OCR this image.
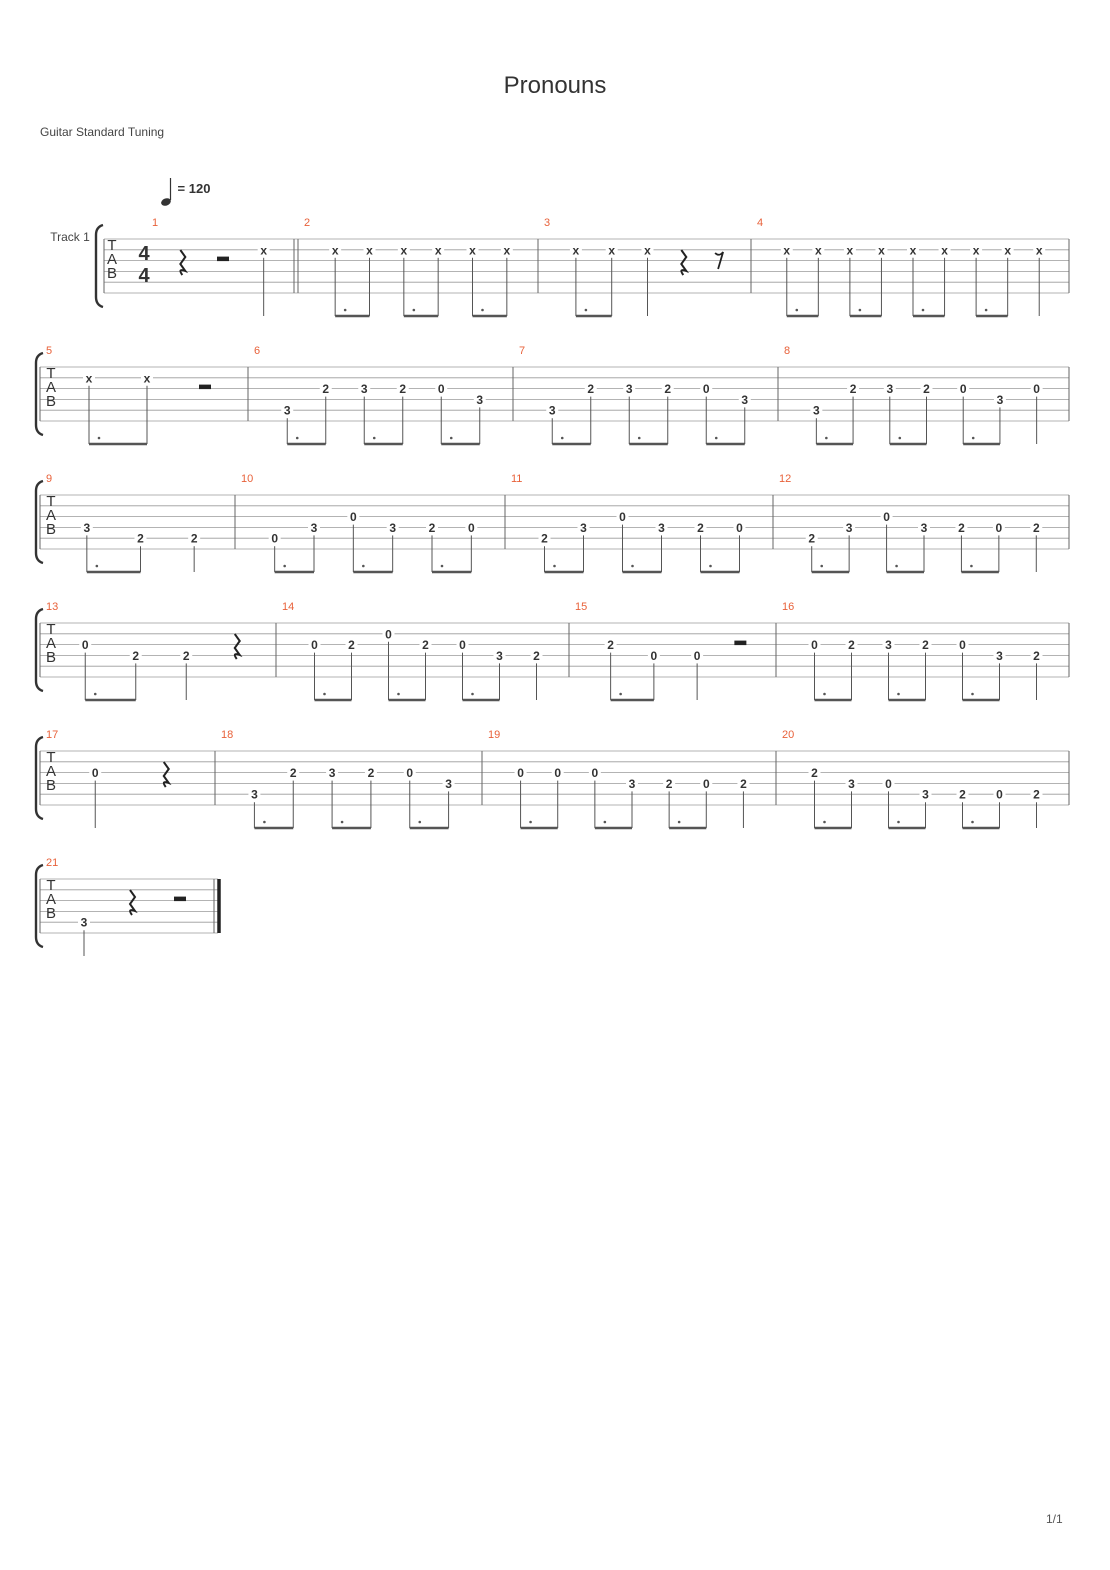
Pronouns
Guitar Standard Tuning
1/1
= 120
Track 1 T
A
B
4
4
1
x
2
x x x x x x
3
x x x
4
x x x x x x x x x
T
A
B
5
x	x
6
3
2	3	2	0
3
7
3
2	3	2	0
3
8
3
2	3	2	0
3
0
T
A
B
9
3
2	2
10
0
3
0
3	2	0
11
2
3
0
3	2	0
12
2
3
0
3	2	0	2
T
A
B
13
0
2	2
14
0	2
0
2	0
3	2
15
2
0	0
16
0	2	3	2	0
3	2
T
A
B
17
0
18
3
2	3	2	0
3
19
0	0	0
3	2	0	2
20
2
3	0
3	2	0	2
T
A
B
21
3
